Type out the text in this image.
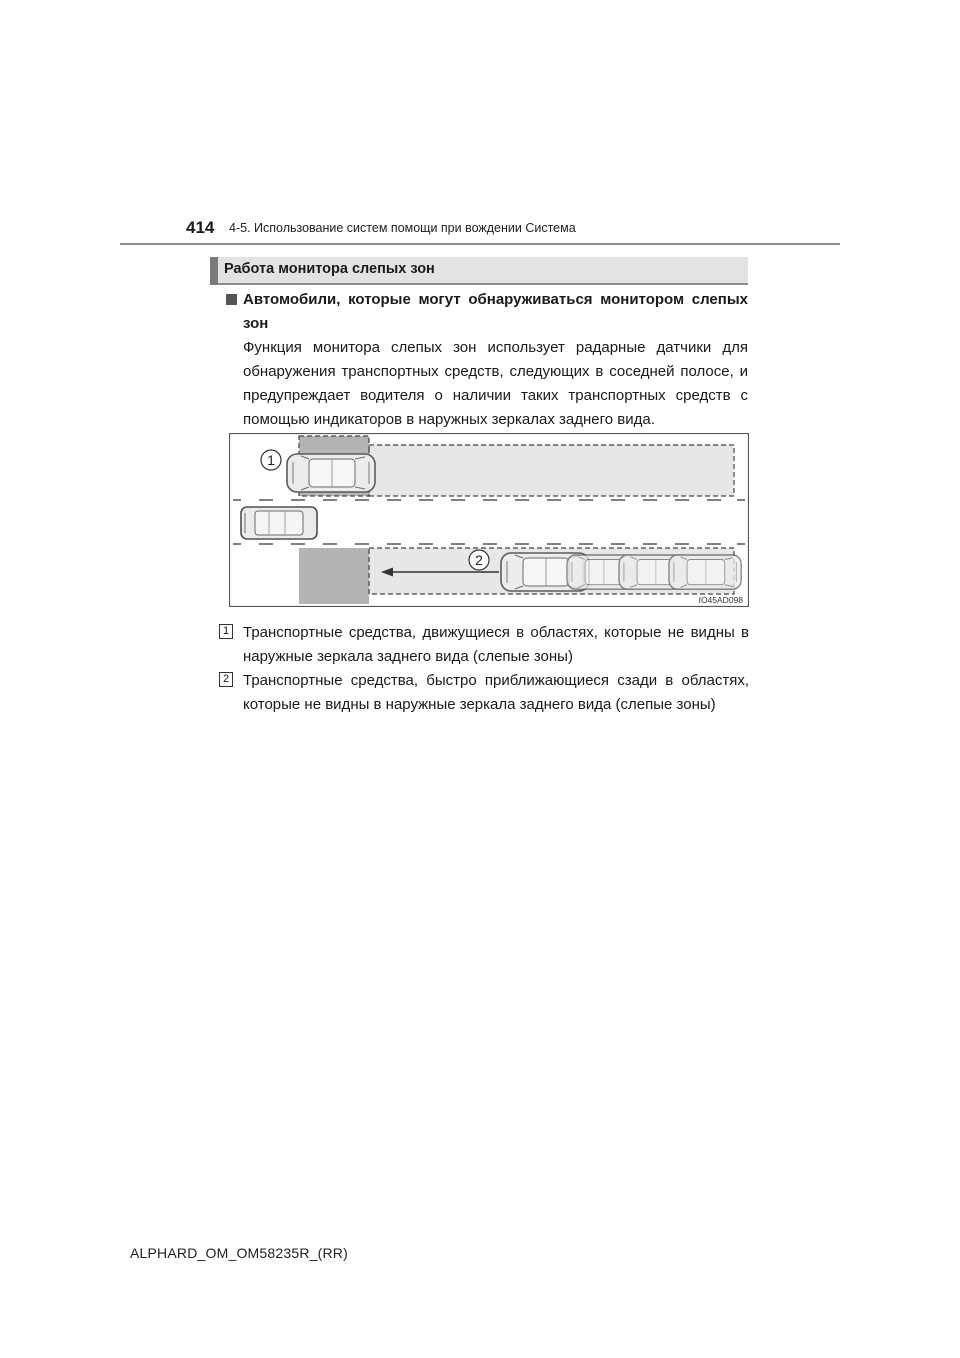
414 4-5. Использование систем помощи при вождении Система
Работа монитора слепых зон
Автомобили, которые могут обнаруживаться монитором слепых зон
Функция монитора слепых зон использует радарные датчики для обнаружения транспортных средств, следующих в соседней полосе, и предупреждает водителя о наличии таких транспортных средств с помощью индикаторов в наружных зеркалах заднего вида.
1
2
IO45AD098
1 Транспортные средства, движущиеся в областях, которые не видны в наружные зеркала заднего вида (слепые зоны)
2 Транспортные средства, быстро приближающиеся сзади в областях, которые не видны в наружные зеркала заднего вида (слепые зоны)
ALPHARD_OM_OM58235R_(RR)
